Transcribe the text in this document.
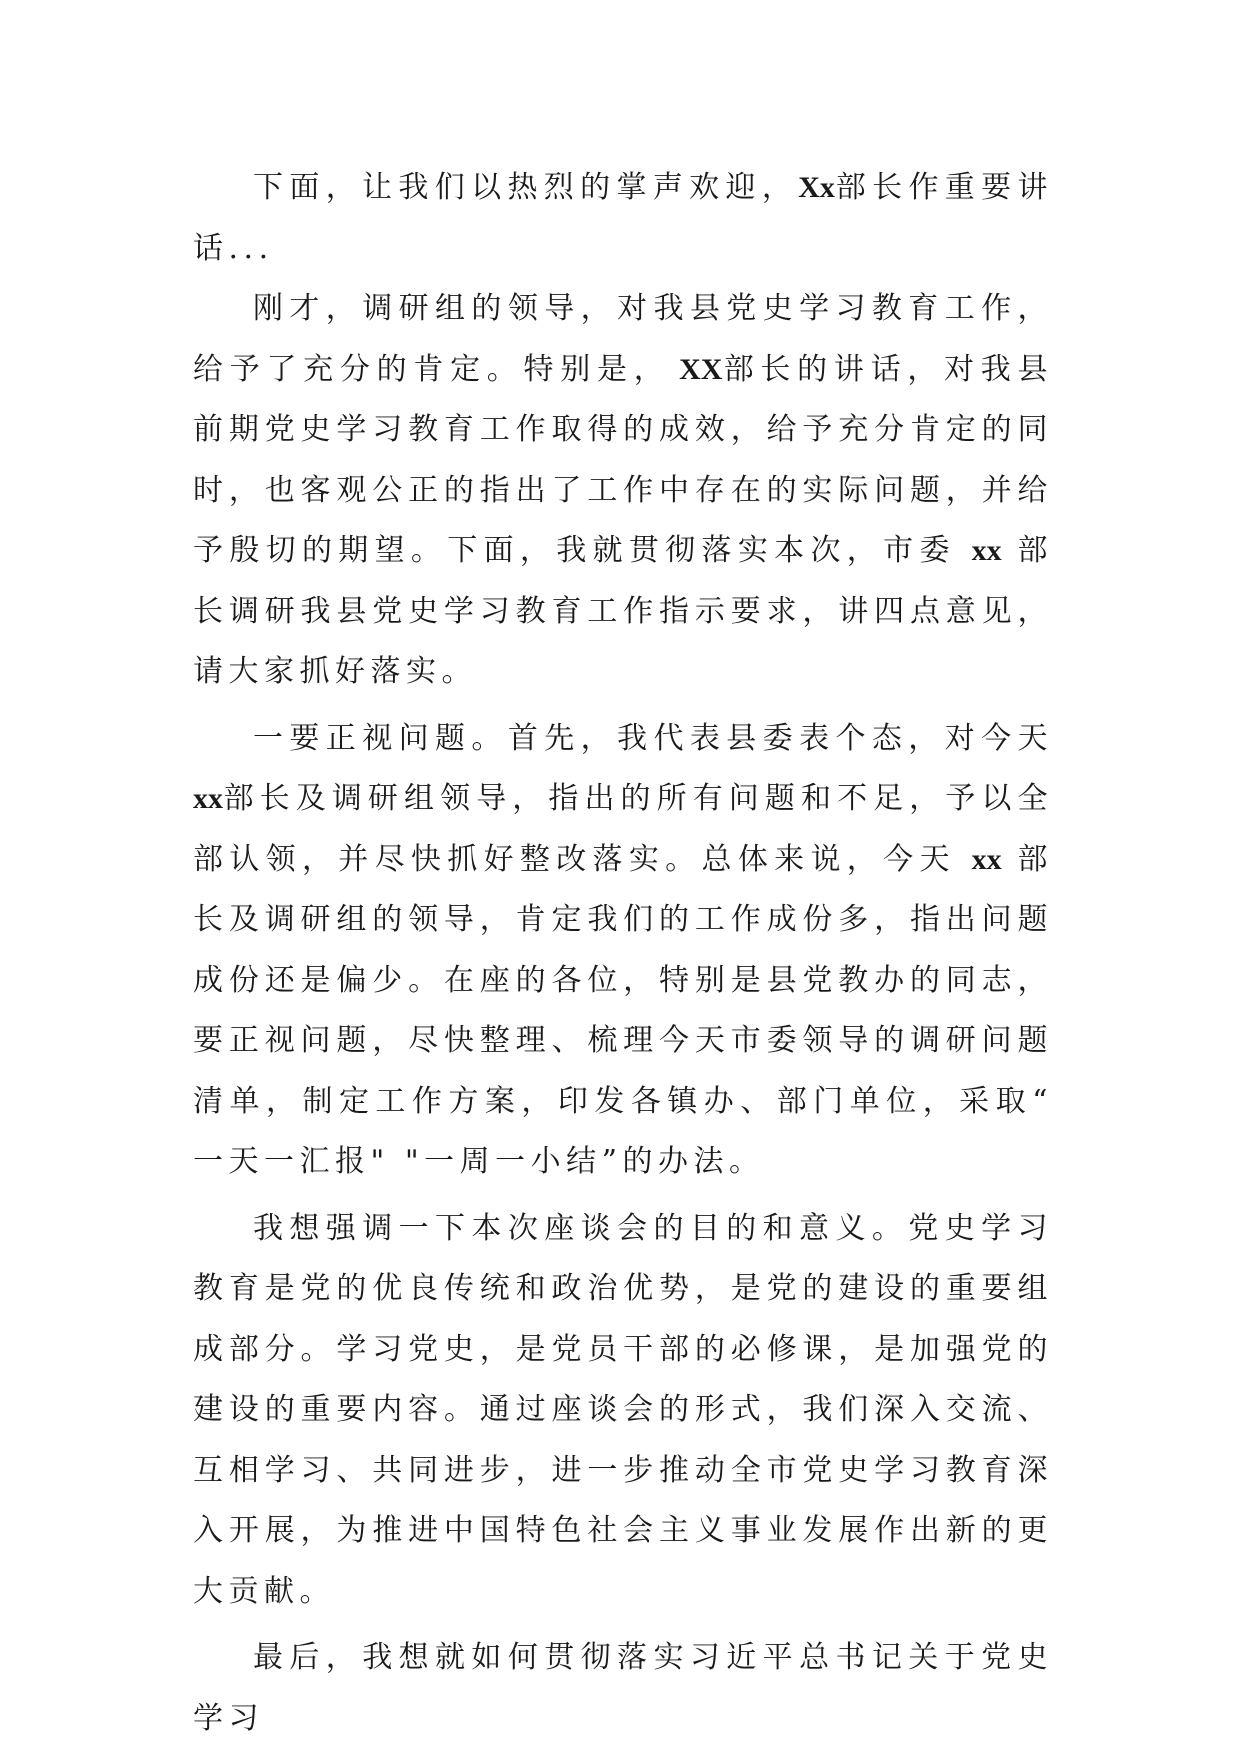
下面，让我们以热烈的掌声欢迎，Xx部长作重要讲话...

刚才，调研组的领导，对我县党史学习教育工作，给予了充分的肯定。特别是， XX部长的讲话，对我县前期党史学习教育工作取得的成效，给予充分肯定的同时，也客观公正的指出了工作中存在的实际问题，并给予殷切的期望。下面，我就贯彻落实本次，市委 xx 部长调研我县党史学习教育工作指示要求，讲四点意见，请大家抓好落实。

一要正视问题。首先，我代表县委表个态，对今天 xx部长及调研组领导，指出的所有问题和不足，予以全部认领，并尽快抓好整改落实。总体来说，今天 xx 部长及调研组的领导，肯定我们的工作成份多，指出问题成份还是偏少。在座的各位，特别是县党教办的同志，要正视问题，尽快整理、梳理今天市委领导的调研问题清单，制定工作方案，印发各镇办、部门单位，采取“ 一天一汇报" "一周一小结”的办法。

我想强调一下本次座谈会的目的和意义。党史学习教育是党的优良传统和政治优势，是党的建设的重要组成部分。学习党史，是党员干部的必修课，是加强党的建设的重要内容。通过座谈会的形式，我们深入交流、互相学习、共同进步，进一步推动全市党史学习教育深入开展，为推进中国特色社会主义事业发展作出新的更大贡献。

最后，我想就如何贯彻落实习近平总书记关于党史学习
